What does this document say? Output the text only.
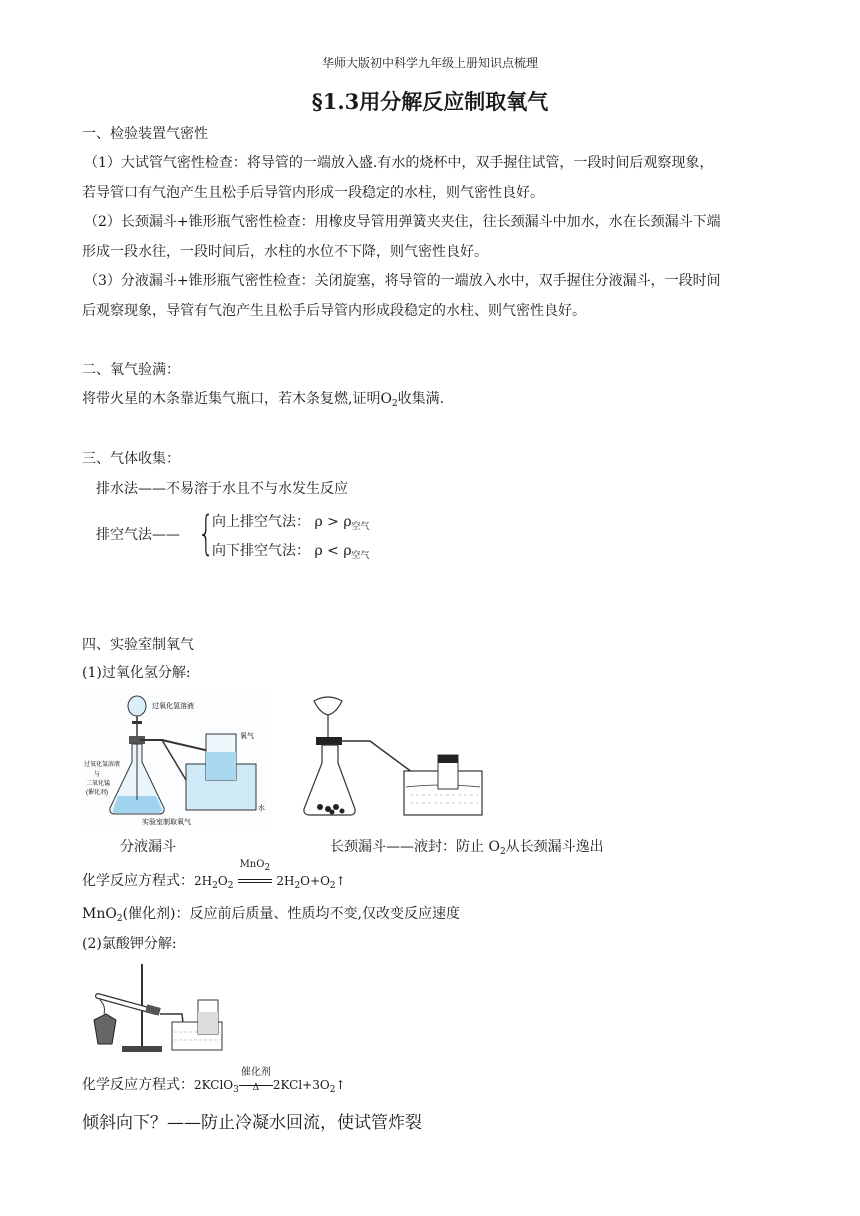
华师大版初中科学九年级上册知识点梳理
§1.3用分解反应制取氧气
一、检验装置气密性
（1）大试管气密性检查：将导管的一端放入盛.有水的烧杯中，双手握住试管，一段时间后观察现象，
若导管口有气泡产生且松手后导管内形成一段稳定的水柱，则气密性良好。
（2）长颈漏斗+锥形瓶气密性检查：用橡皮导管用弹簧夹夹住，往长颈漏斗中加水，水在长颈漏斗下端
形成一段水往，一段时间后，水柱的水位不下降，则气密性良好。
（3）分液漏斗+锥形瓶气密性检查：关闭旋塞，将导管的一端放入水中，双手握住分液漏斗，一段时间
后观察现象，导管有气泡产生且松手后导管内形成段稳定的水柱、则气密性良好。
二、氧气验满：
将带火星的木条靠近集气瓶口，若木条复燃,证明$O_2$收集满.
三、气体收集：
排水法——不易溶于水且不与水发生反应
排空气法—— {
向上排空气法： $\rho > \rho_{空气}$
向下排空气法： $\rho < \rho_{空气}$
四、实验室制氧气
(1)过氧化氢分解:
过氧化氢溶液
氧气
水
过氧化氢溶液
与
二氧化锰
(催化剂)
实验室制取氧气
分液漏斗	长颈漏斗——液封：防止 $O_2$从长颈漏斗逸出
化学反应方程式：$2H_2O_2$
MnO$_2$
$2H_2O+O_2↑$
MnO$_2$(催化剂)：反应前后质量、性质均不变,仅改变反应速度
(2)氯酸钾分解:
化学反应方程式：2KClO$_3$
催化剂
Δ	$2KCl+3O_2↑$
倾斜向下？——防止冷凝水回流，使试管炸裂
